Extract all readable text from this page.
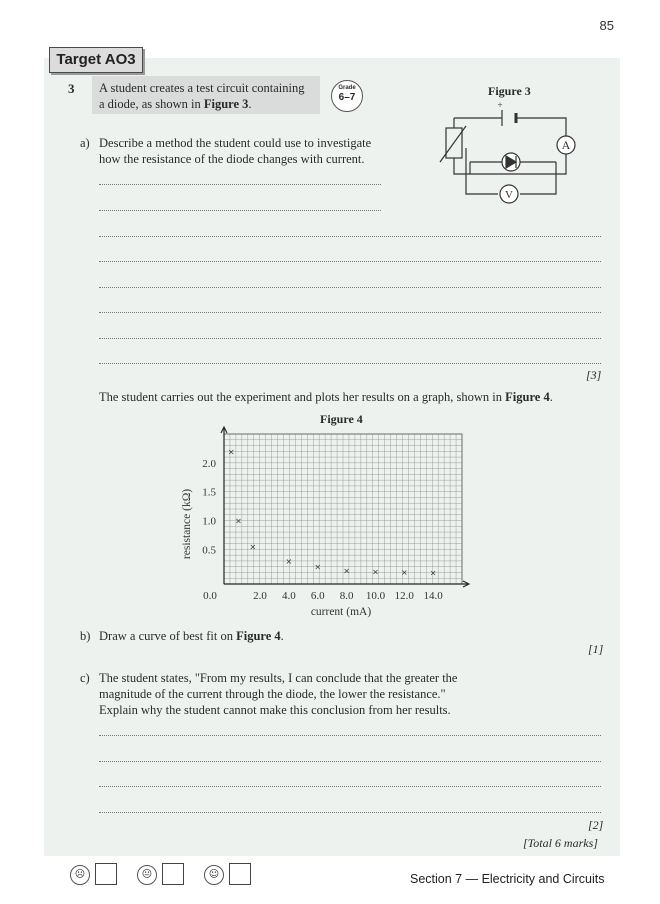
85
Target AO3
3 A student creates a test circuit containing
a diode, as shown in Figure 3.
Grade
6–7	Figure 3
A
V
+
a) Describe a method the student could use to investigate
how the resistance of the diode changes with current.
[3]
The student carries out the experiment and plots her results on a graph, shown in Figure 4.
Figure 4
0.5
1.0
1.5
2.0
0.0	2.0 4.0 6.0 8.0 10.0 12.0 14.0
×
×
×
×
×	×	×	×	×
current (mA)
resistance (kΩ)
b) Draw a curve of best fit on Figure 4.
[1]
c) The student states, "From my results, I can conclude that the greater the
magnitude of the current through the diode, the lower the resistance."
Explain why the student cannot make this conclusion from her results.
[2]
[Total 6 marks]
☹	😐	☺	Section 7 — Electricity and Circuits
